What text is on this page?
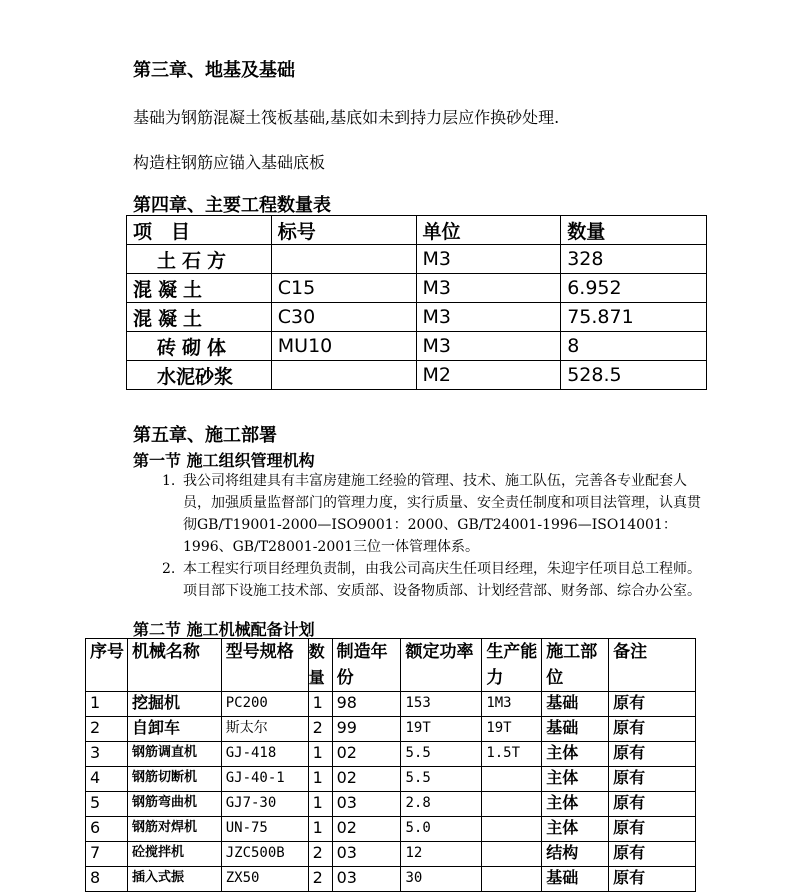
第三章、地基及基础
基础为钢筋混凝土筏板基础,基底如未到持力层应作换砂处理.
构造柱钢筋应锚入基础底板
第四章、主要工程数量表
项　目	标号	单位	数量
土石方		M3	328
混凝土	C15	M3	6.952
混凝土	C30	M3	75.871
砖砌体	MU10	M3	8
水泥砂浆		M2	528.5
第五章、施工部署
第一节 施工组织管理机构
1. 我公司将组建具有丰富房建施工经验的管理、技术、施工队伍，完善各专业配套人员，加强质量监督部门的管理力度，实行质量、安全责任制度和项目法管理，认真贯彻GB/T19001-2000—ISO9001：2000、GB/T24001-1996—ISO14001：1996、GB/T28001-2001三位一体管理体系。
2. 本工程实行项目经理负责制，由我公司高庆生任项目经理，朱迎宇任项目总工程师。项目部下设施工技术部、安质部、设备物质部、计划经营部、财务部、综合办公室。
第二节 施工机械配备计划
序号	机械名称	型号规格	数量	制造年份	额定功率	生产能力	施工部位	备注
1	挖掘机	PC200	1	98	153	1M3	基础	原有
2	自卸车	斯太尔	2	99	19T	19T	基础	原有
3	钢筋调直机	GJ-418	1	02	5.5	1.5T	主体	原有
4	钢筋切断机	GJ-40-1	1	02	5.5		主体	原有
5	钢筋弯曲机	GJ7-30	1	03	2.8		主体	原有
6	钢筋对焊机	UN-75	1	02	5.0		主体	原有
7	砼搅拌机	JZC500B	2	03	12		结构	原有
8	插入式振	ZX50	2	03	30		基础	原有
